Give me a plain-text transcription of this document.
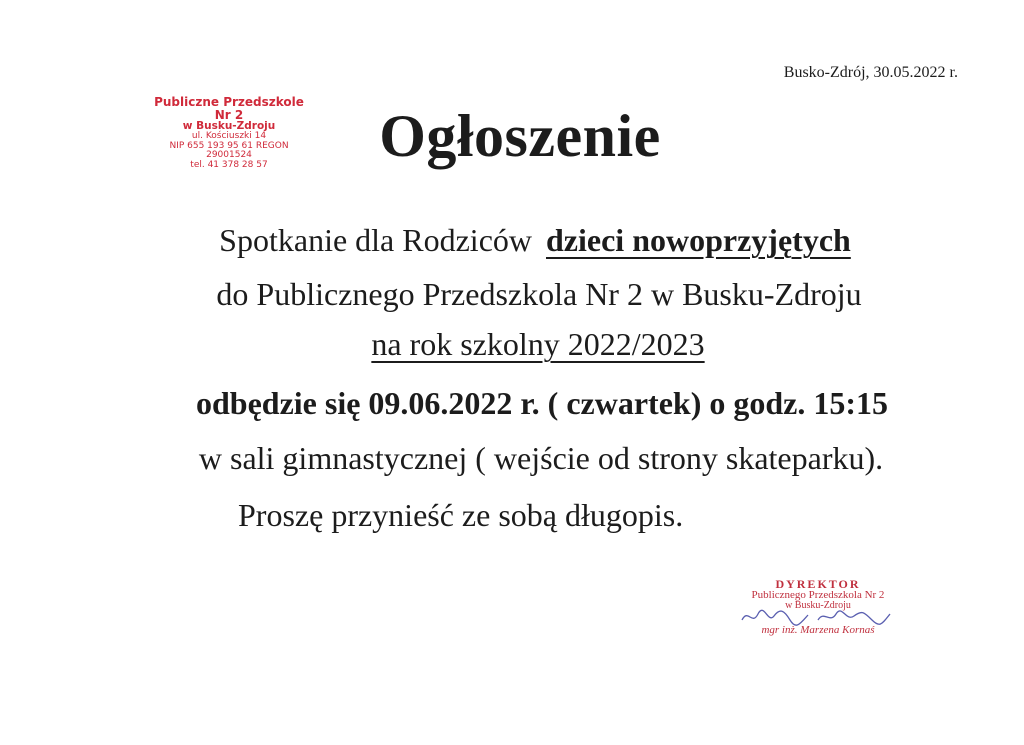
Busko-Zdrój, 30.05.2022 r.
Publiczne Przedszkole Nr 2
w Busku-Zdroju
ul. Kościuszki 14
NIP 655 193 95 61 REGON 29001524
tel. 41 378 28 57	Ogłoszenie
Spotkanie dla Rodziców dzieci nowoprzyjętych
do Publicznego Przedszkola Nr 2 w Busku-Zdroju
na rok szkolny 2022/2023
odbędzie się 09.06.2022 r. ( czwartek) o godz. 15:15
w sali gimnastycznej ( wejście od strony skateparku).
Proszę przynieść ze sobą długopis.
DYREKTOR
Publicznego Przedszkola Nr 2
w Busku-Zdroju
mgr inż. Marzena Kornaś
